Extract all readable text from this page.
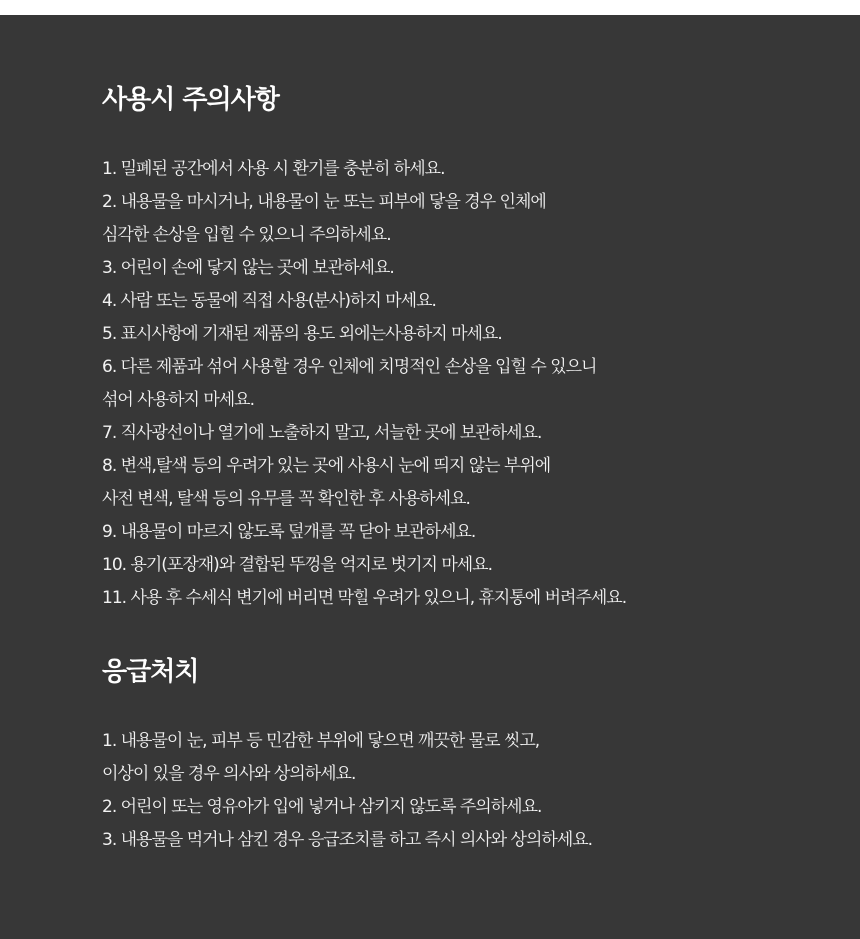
사용시 주의사항
1. 밀폐된 공간에서 사용 시 환기를 충분히 하세요.
2. 내용물을 마시거나, 내용물이 눈 또는 피부에 닿을 경우 인체에
심각한 손상을 입힐 수 있으니 주의하세요.
3. 어린이 손에 닿지 않는 곳에 보관하세요.
4. 사람 또는 동물에 직접 사용(분사)하지 마세요.
5. 표시사항에 기재된 제품의 용도 외에는사용하지 마세요.
6. 다른 제품과 섞어 사용할 경우 인체에 치명적인 손상을 입힐 수 있으니
섞어 사용하지 마세요.
7. 직사광선이나 열기에 노출하지 말고, 서늘한 곳에 보관하세요.
8. 변색,탈색 등의 우려가 있는 곳에 사용시 눈에 띄지 않는 부위에
사전 변색, 탈색 등의 유무를 꼭 확인한 후 사용하세요.
9. 내용물이 마르지 않도록 덮개를 꼭 닫아 보관하세요.
10. 용기(포장재)와 결합된 뚜껑을 억지로 벗기지 마세요.
11. 사용 후 수세식 변기에 버리면 막힐 우려가 있으니, 휴지통에 버려주세요.
응급처치
1. 내용물이 눈, 피부 등 민감한 부위에 닿으면 깨끗한 물로 씻고,
이상이 있을 경우 의사와 상의하세요.
2. 어린이 또는 영유아가 입에 넣거나 삼키지 않도록 주의하세요.
3. 내용물을 먹거나 삼킨 경우 응급조치를 하고 즉시 의사와 상의하세요.
